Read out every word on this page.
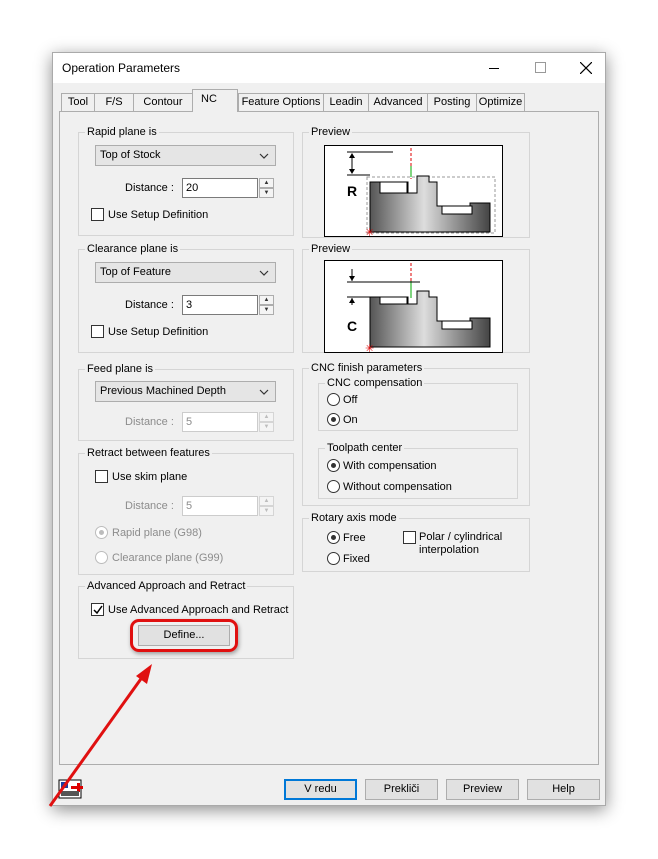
Operation Parameters
Tool	F/S	Contour	NC	Feature Options Leadin	Advanced	Posting Optimize
Rapid plane is
Top of Stock
Distance :	20	▲
▼
Use Setup Definition
Clearance plane is
Top of Feature
Distance :	3	▲
▼
Use Setup Definition
Feed plane is
Previous Machined Depth
Distance :	5	▲
▼
Retract between features
Use skim plane
Distance :	5	▲
▼
Rapid plane (G98)
Clearance plane (G99)
Advanced Approach and Retract
Use Advanced Approach and Retract
Define...
Preview
R
✳
Preview
C
✳
CNC finish parameters
CNC compensation
Off
On
Toolpath center
With compensation
Without compensation
Rotary axis mode
Free
Fixed
Polar / cylindrical
interpolation
V redu	Prekliči	Preview	Help
